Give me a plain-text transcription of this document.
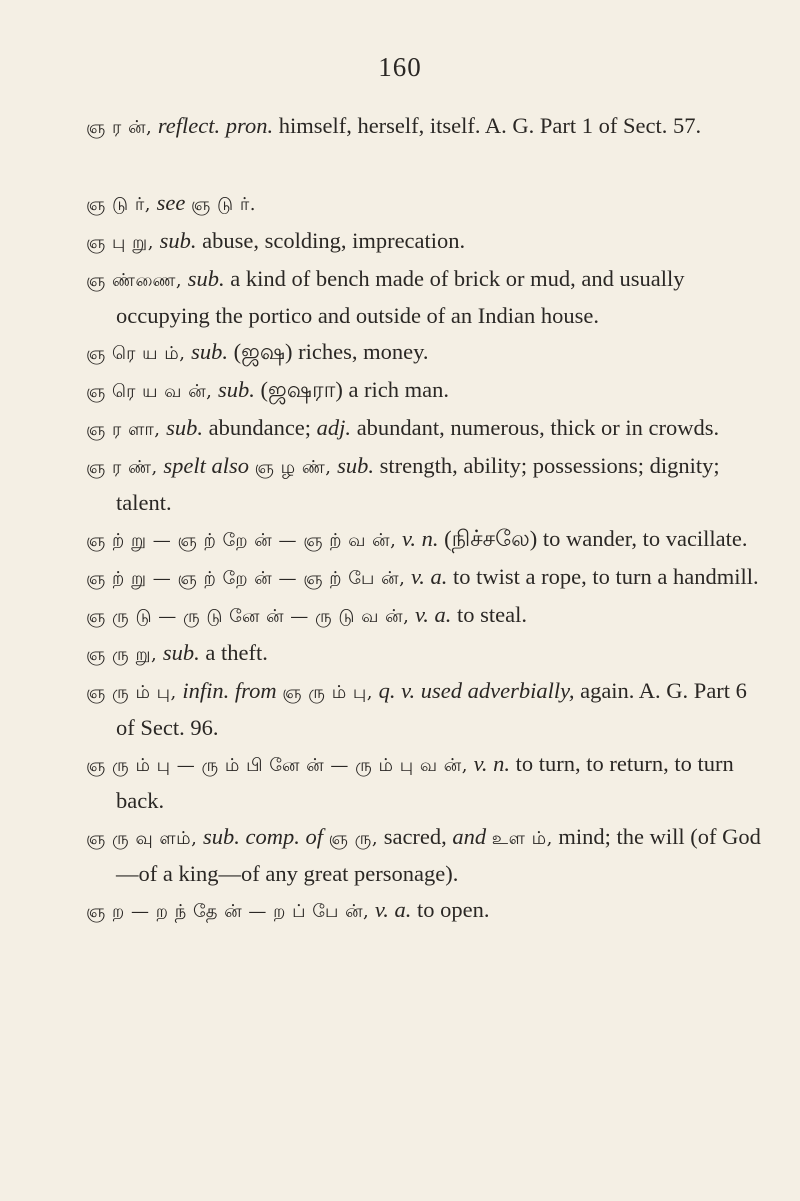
160

ஞ ர ன், reflect. pron. himself, herself, itself. A. G. Part 1 of Sect. 57.

ஞ டு ர், see ஞ டு ர்.

ஞ பு று, sub. abuse, scolding, imprecation.

ஞ ண்ணை, sub. a kind of bench made of brick or mud, and usually occupying the portico and outside of an Indian house.

ஞ ரெ ய ம், sub. (ஜஷ) riches, money.

ஞ ரெ ய வ ன், sub. (ஜஷரா) a rich man.

ஞ ர ளா, sub. abundance; adj. abundant, numerous, thick or in crowds.

ஞ ர ண், spelt also ஞ ழ ண், sub. strength, ability; possessions; dignity; talent.

ஞ ற் று — ஞ ற் றே ன் — ஞ ற் வ ன், v. n. (நிச்சலே) to wander, to vacillate.

ஞ ற் று — ஞ ற் றே ன் — ஞ ற் பே ன், v. a. to twist a rope, to turn a handmill.

ஞ ரு டு — ரு டு னே ன் — ரு டு வ ன், v. a. to steal.

ஞ ரு று, sub. a theft.

ஞ ரு ம் பு, infin. from ஞ ரு ம் பு, q. v. used adverbially, again. A. G. Part 6 of Sect. 96.

ஞ ரு ம் பு — ரு ம் பி னே ன் — ரு ம் பு வ ன், v. n. to turn, to return, to turn back.

ஞ ரு வு ளம், sub. comp. of ஞ ரு, sacred, and உள ம், mind; the will (of God—of a king—of any great personage).

ஞ ற — ற ந் தே ன் — ற ப் பே ன், v. a. to open.
